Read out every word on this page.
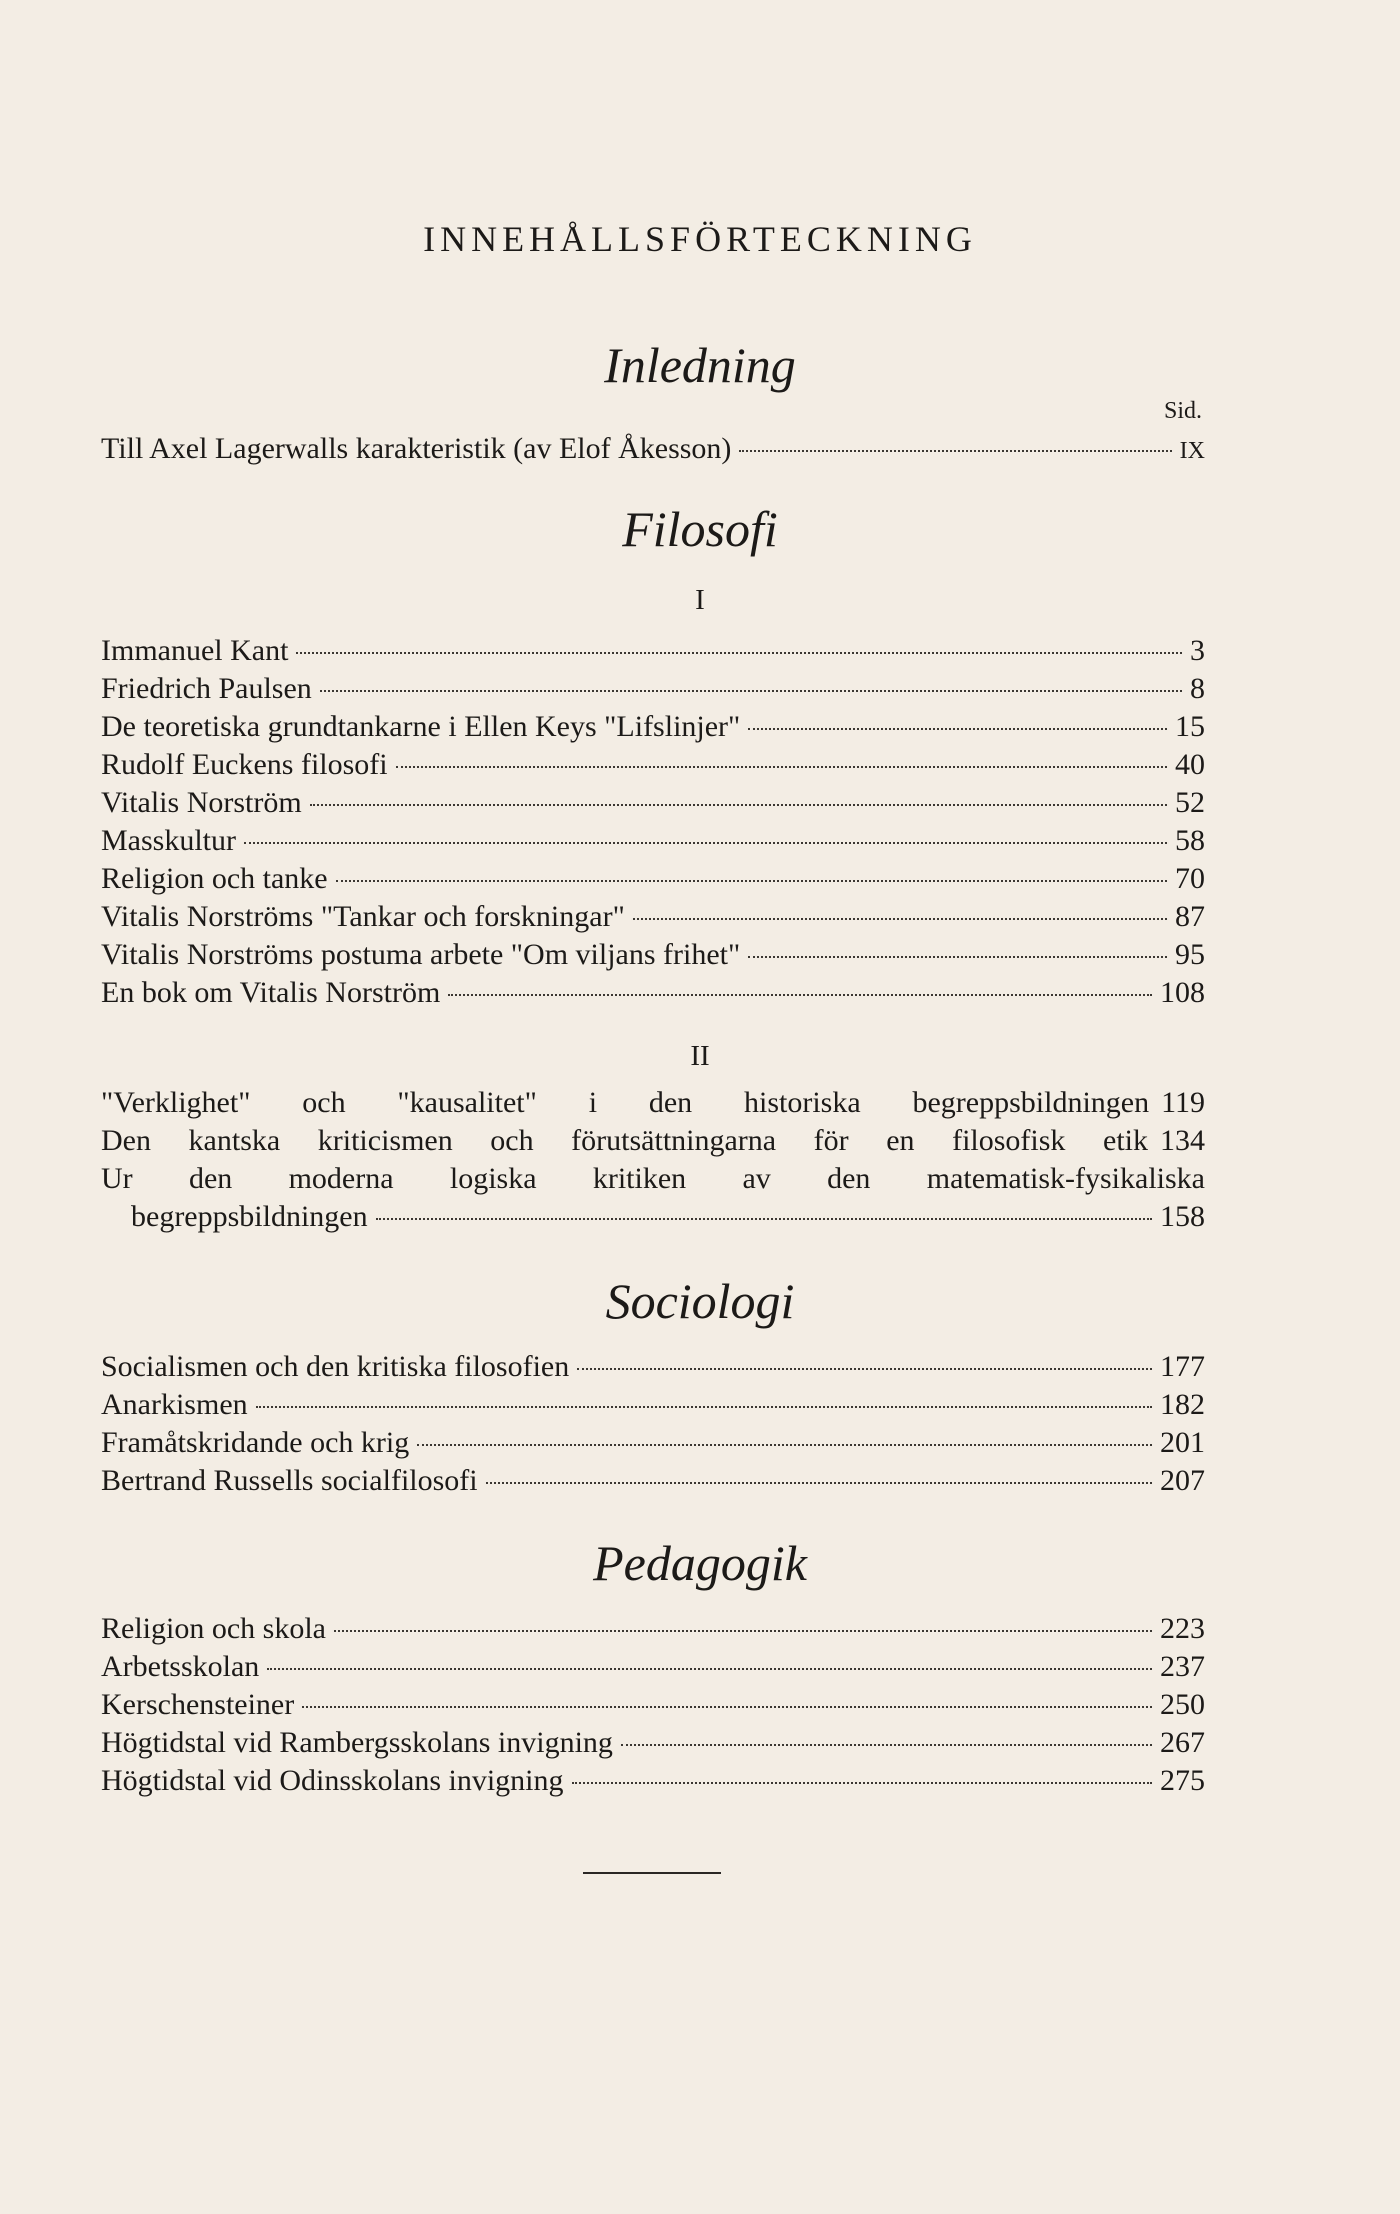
INNEHÅLLSFÖRTECKNING
Inledning
Sid.
Till Axel Lagerwalls karakteristik (av Elof Åkesson)	IX
Filosofi
I
Immanuel Kant	3
Friedrich Paulsen	8
De teoretiska grundtankarne i Ellen Keys "Lifslinjer"	15
Rudolf Euckens filosofi	40
Vitalis Norström	52
Masskultur	58
Religion och tanke	70
Vitalis Norströms "Tankar och forskningar"	87
Vitalis Norströms postuma arbete "Om viljans frihet"	95
En bok om Vitalis Norström	108
II
"Verklighet" och "kausalitet" i den historiska begreppsbildningen 119
Den kantska kriticismen och förutsättningarna för en filosofisk etik 134
Ur den moderna logiska kritiken av den matematisk-fysikaliska
begreppsbildningen	158
Sociologi
Socialismen och den kritiska filosofien	177
Anarkismen	182
Framåtskridande och krig	201
Bertrand Russells socialfilosofi	207
Pedagogik
Religion och skola	223
Arbetsskolan	237
Kerschensteiner	250
Högtidstal vid Rambergsskolans invigning	267
Högtidstal vid Odinsskolans invigning	275
